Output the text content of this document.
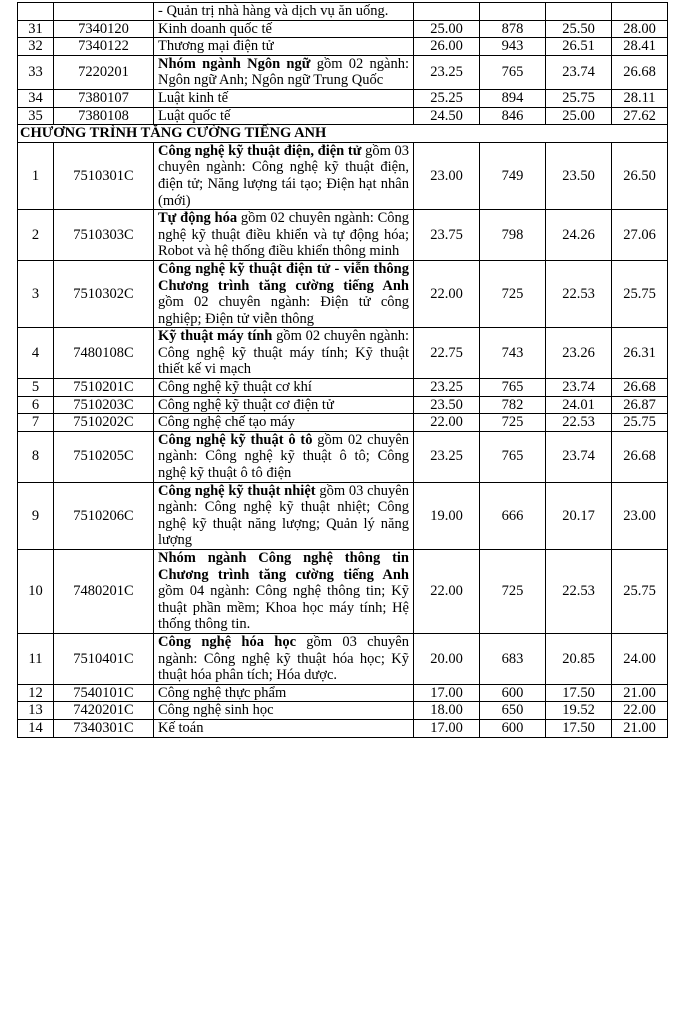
		- Quản trị nhà hàng và dịch vụ ăn uống.				
31	7340120	Kinh doanh quốc tế	25.00	878	25.50	28.00
32	7340122	Thương mại điện tử	26.00	943	26.51	28.41
33	7220201	Nhóm ngành Ngôn ngữ gồm 02 ngành: Ngôn ngữ Anh; Ngôn ngữ Trung Quốc	23.25	765	23.74	26.68
34	7380107	Luật kinh tế	25.25	894	25.75	28.11
35	7380108	Luật quốc tế	24.50	846	25.00	27.62
CHƯƠNG TRÌNH TĂNG CƯỜNG TIẾNG ANH						
1	7510301C	Công nghệ kỹ thuật điện, điện tử gồm 03 chuyên ngành: Công nghệ kỹ thuật điện, điện tử; Năng lượng tái tạo; Điện hạt nhân (mới)	23.00	749	23.50	26.50
2	7510303C	Tự động hóa gồm 02 chuyên ngành: Công nghệ kỹ thuật điều khiển và tự động hóa; Robot và hệ thống điều khiển thông minh	23.75	798	24.26	27.06
3	7510302C	Công nghệ kỹ thuật điện tử - viễn thông Chương trình tăng cường tiếng Anh gồm 02 chuyên ngành: Điện tử công nghiệp; Điện tử viễn thông	22.00	725	22.53	25.75
4	7480108C	Kỹ thuật máy tính gồm 02 chuyên ngành: Công nghệ kỹ thuật máy tính; Kỹ thuật thiết kế vi mạch	22.75	743	23.26	26.31
5	7510201C	Công nghệ kỹ thuật cơ khí	23.25	765	23.74	26.68
6	7510203C	Công nghệ kỹ thuật cơ điện tử	23.50	782	24.01	26.87
7	7510202C	Công nghệ chế tạo máy	22.00	725	22.53	25.75
8	7510205C	Công nghệ kỹ thuật ô tô gồm 02 chuyên ngành: Công nghệ kỹ thuật ô tô; Công nghệ kỹ thuật ô tô điện	23.25	765	23.74	26.68
9	7510206C	Công nghệ kỹ thuật nhiệt gồm 03 chuyên ngành: Công nghệ kỹ thuật nhiệt; Công nghệ kỹ thuật năng lượng; Quản lý năng lượng	19.00	666	20.17	23.00
10	7480201C	Nhóm ngành Công nghệ thông tin Chương trình tăng cường tiếng Anh gồm 04 ngành: Công nghệ thông tin; Kỹ thuật phần mềm; Khoa học máy tính; Hệ thống thông tin.	22.00	725	22.53	25.75
11	7510401C	Công nghệ hóa học gồm 03 chuyên ngành: Công nghệ kỹ thuật hóa học; Kỹ thuật hóa phân tích; Hóa dược.	20.00	683	20.85	24.00
12	7540101C	Công nghệ thực phẩm	17.00	600	17.50	21.00
13	7420201C	Công nghệ sinh học	18.00	650	19.52	22.00
14	7340301C	Kế toán	17.00	600	17.50	21.00
